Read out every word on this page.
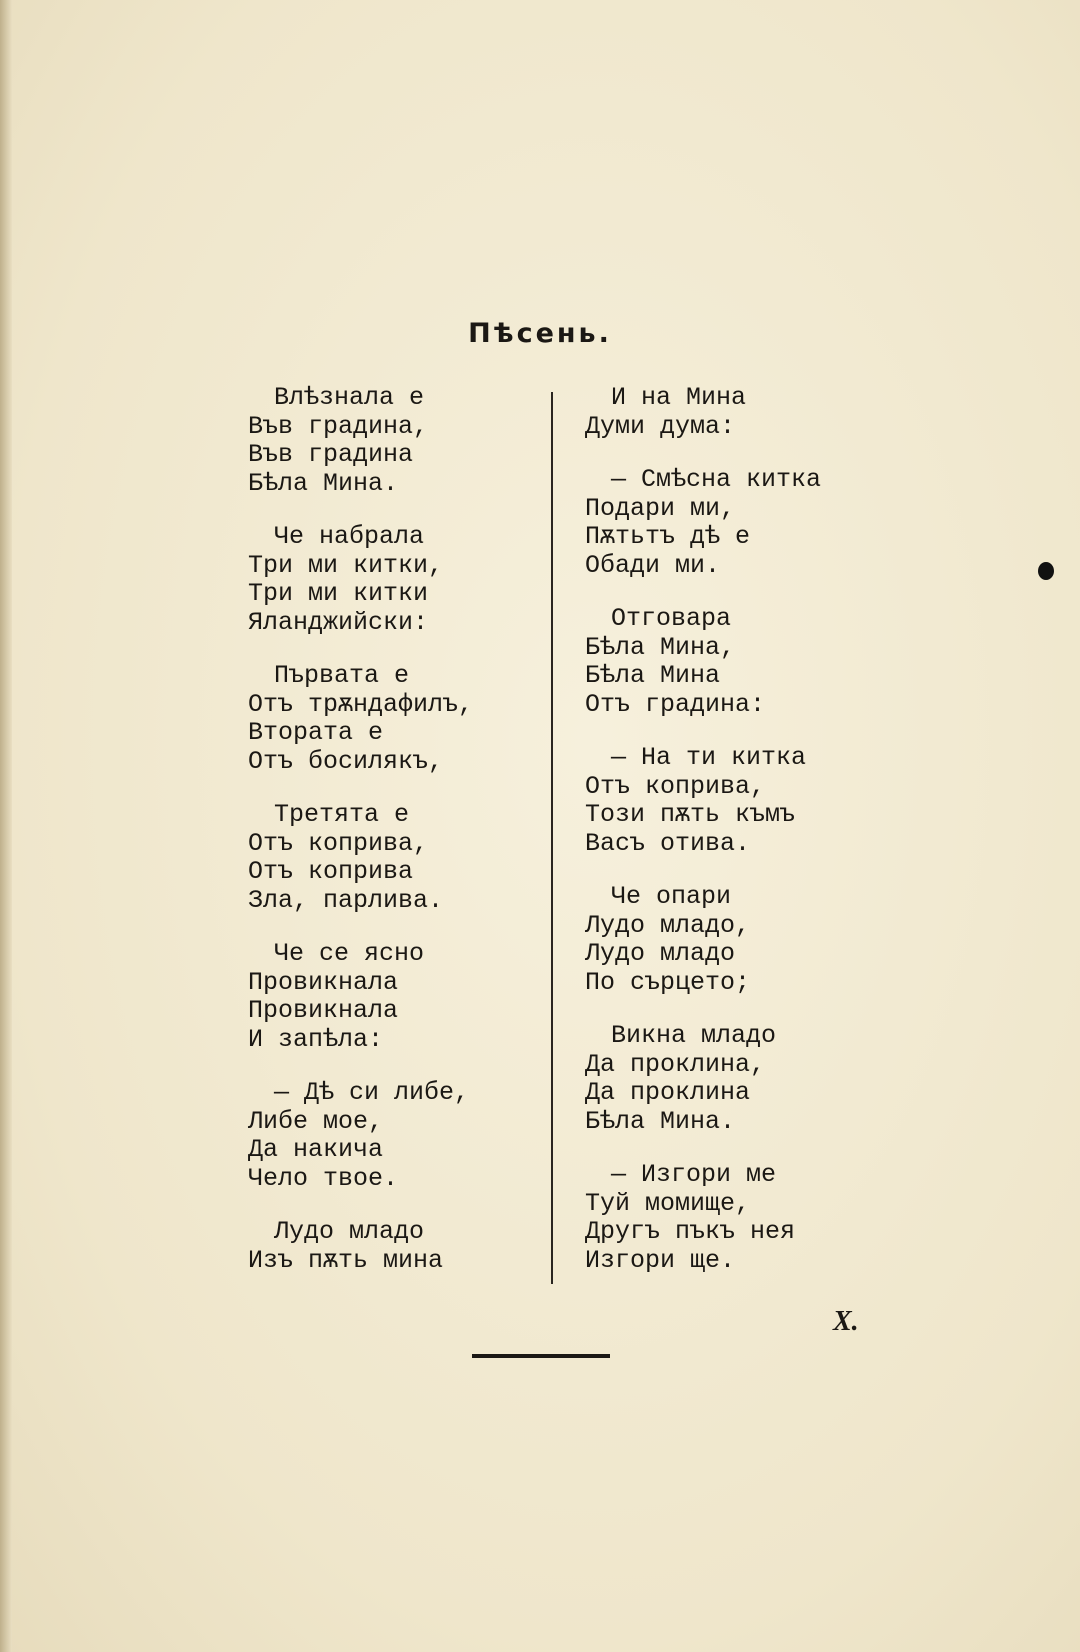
Пѣсень.
Влѣзнала е
Във градина,
Във градина
Бѣла Мина.
Че набрала
Три ми китки,
Три ми китки
Яланджийски:
Първата е
Отъ трѫндафилъ,
Втората е
Отъ босилякъ,
Третята е
Отъ коприва,
Отъ коприва
Зла, парлива.
Че се ясно
Провикнала
Провикнала
И запѣла:
— Дѣ си либе,
Либе мое,
Да накича
Чело твое.
Лудо младо
Изъ пѫть мина
И на Мина
Думи дума:
— Смѣсна китка
Подари ми,
Пѫтьтъ дѣ е
Обади ми.
Отговара
Бѣла Мина,
Бѣла Мина
Отъ градина:
— На ти китка
Отъ коприва,
Този пѫть къмъ
Васъ отива.
Че опари
Лудо младо,
Лудо младо
По сърцето;
Викна младо
Да проклина,
Да проклина
Бѣла Мина.
— Изгори ме
Туй момище,
Другъ пъкъ нея
Изгори ще.
Х.
